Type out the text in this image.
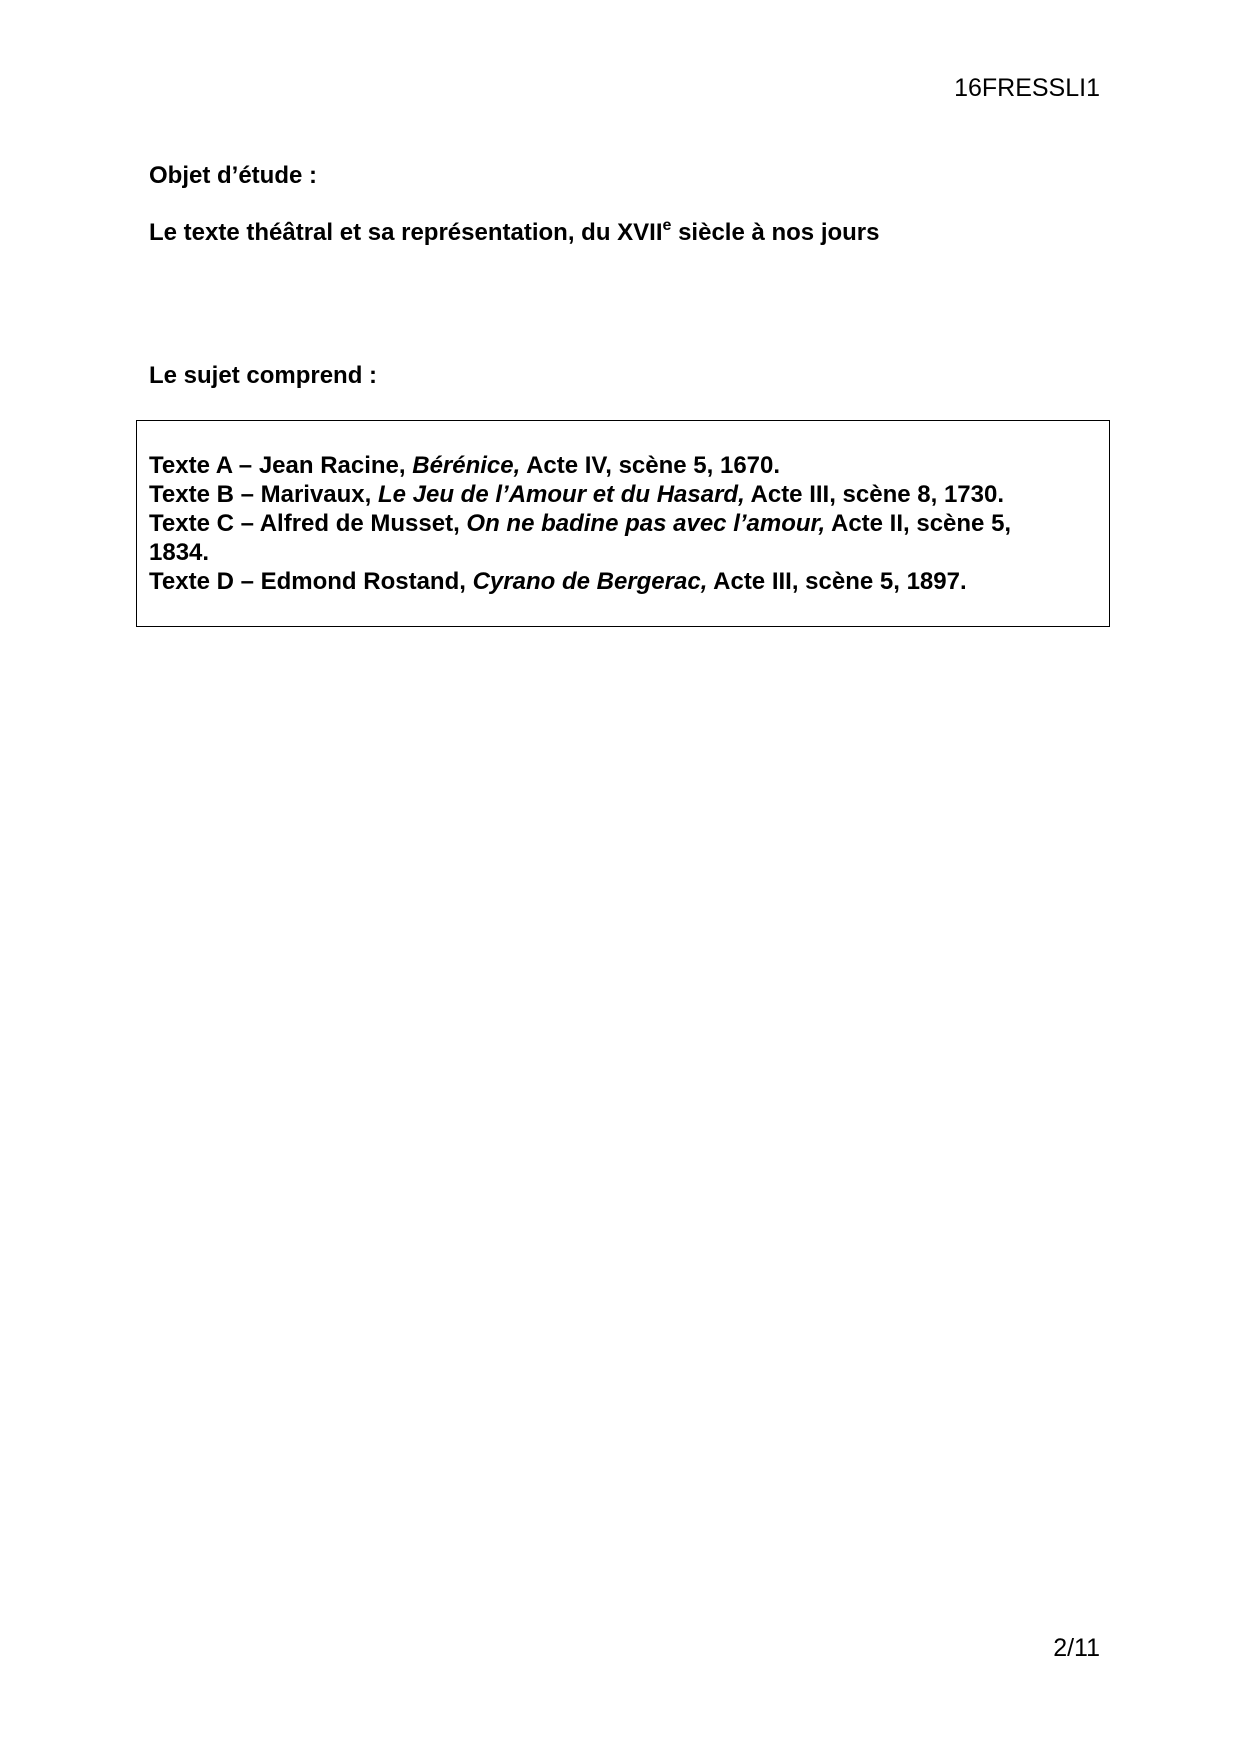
16FRESSLI1
Objet d’étude :
Le texte théâtral et sa représentation, du XVIIe siècle à nos jours
Le sujet comprend :
Texte A – Jean Racine, Bérénice, Acte IV, scène 5, 1670.
Texte B – Marivaux, Le Jeu de l’Amour et du Hasard, Acte III, scène 8, 1730.
Texte C – Alfred de Musset, On ne badine pas avec l’amour, Acte II, scène 5,
1834.
Texte D – Edmond Rostand, Cyrano de Bergerac, Acte III, scène 5, 1897.
2/11
